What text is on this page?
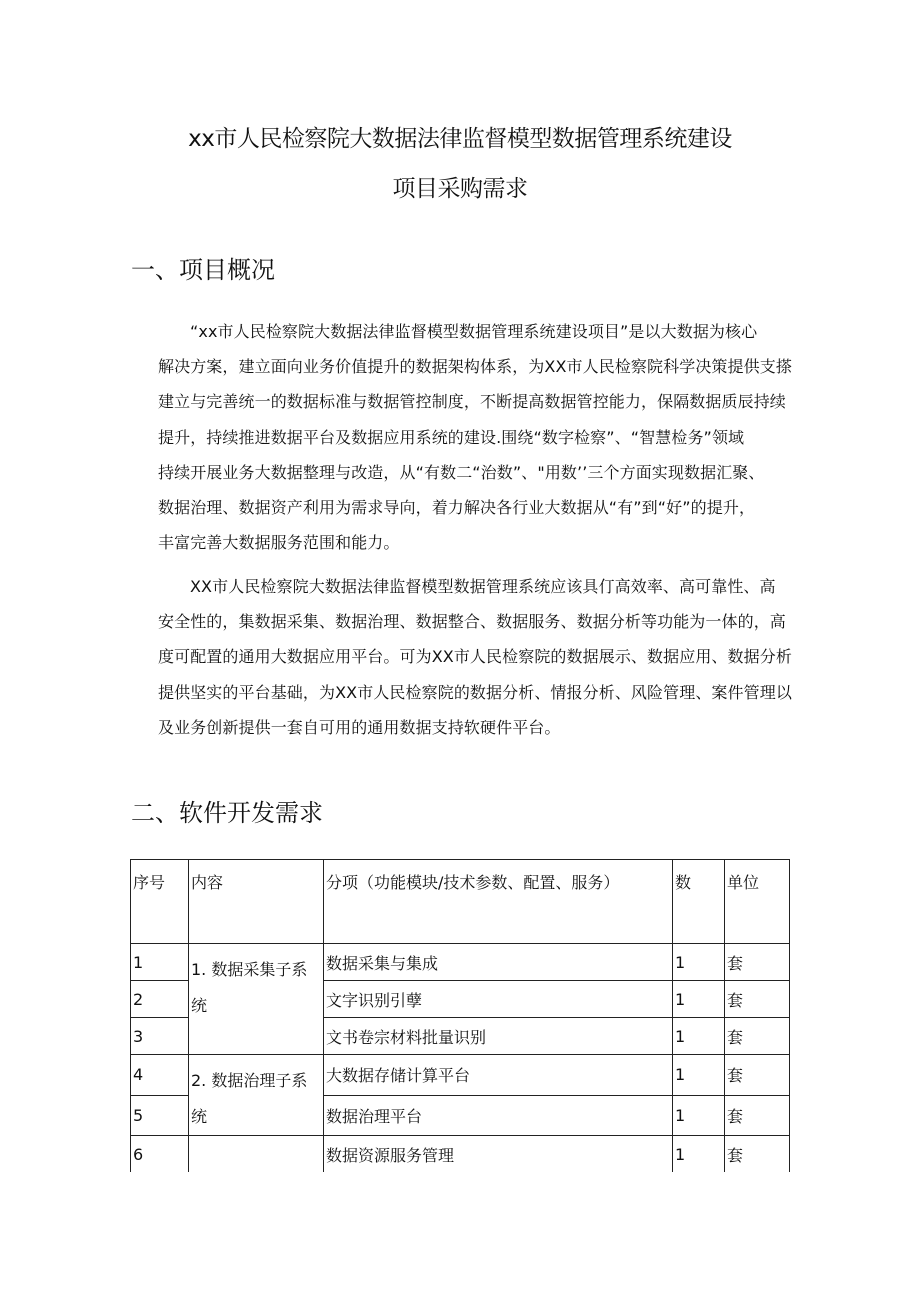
xx市人民检察院大数据法律监督模型数据管理系统建设
项目采购需求
一、项目概况
“xx市人民检察院大数据法律监督模型数据管理系统建设项目”是以大数据为核心
解决方案，建立面向业务价值提升的数据架构体系，为XX市人民检察院科学决策提供支搽
建立与完善统一的数据标准与数据管控制度，不断提高数据管控能力，保隔数据质辰持续
提升，持续推进数据平台及数据应用系统的建设.围绕“数字检察”、“智慧检务”领域
持续开展业务大数据整理与改造，从“有数二“治数”、"用数’’三个方面实现数据汇聚、
数据治理、数据资产利用为需求导向，着力解决各行业大数据从“有”到“好”的提升，
丰富完善大数据服务范围和能力。
XX市人民检察院大数据法律监督模型数据管理系统应该具仃高效率、高可靠性、高
安全性的，集数据采集、数据治理、数据整合、数据服务、数据分析等功能为一体的，高
度可配置的通用大数据应用平台。可为XX市人民检察院的数据展示、数据应用、数据分析
提供坚实的平台基础，为XX市人民检察院的数据分析、情报分析、风险管理、案件管理以
及业务创新提供一套自可用的通用数据支持软硬件平台。
二、软件开发需求
序号	内容	分项（功能模块/技术参数、配置、服务）	数	单位
1	1. 数据采集子系统	数据采集与集成	1	套
2		文字识别引孽	1	套
3		文书卷宗材料批量识别	1	套
4	2. 数据治理子系统	大数据存储计算平台	1	套
5		数据治理平台	1	套
6		数据资源服务管理	1	套
